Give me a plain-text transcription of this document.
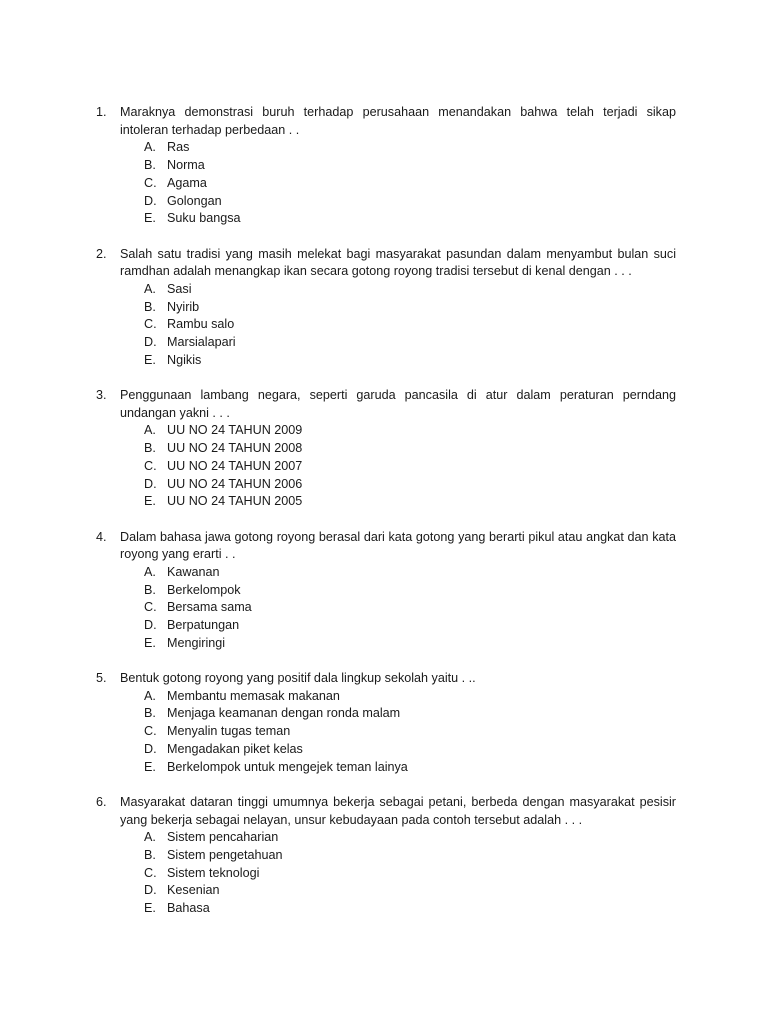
1.	Maraknya demonstrasi buruh terhadap perusahaan menandakan bahwa telah terjadi sikap intoleran terhadap perbedaan . .
A. Ras
B. Norma
C. Agama
D. Golongan
E. Suku bangsa
2.	Salah satu tradisi yang masih melekat bagi masyarakat pasundan dalam menyambut bulan suci ramdhan adalah menangkap ikan secara gotong royong tradisi tersebut di kenal dengan . . .
A. Sasi
B. Nyirib
C. Rambu salo
D. Marsialapari
E. Ngikis
3.	Penggunaan lambang negara, seperti garuda pancasila di atur dalam peraturan perndang undangan yakni . . .
A. UU NO 24 TAHUN 2009
B. UU NO 24 TAHUN 2008
C. UU NO 24 TAHUN 2007
D. UU NO 24 TAHUN 2006
E. UU NO 24 TAHUN 2005
4.	Dalam bahasa jawa gotong royong berasal dari kata gotong yang berarti pikul atau angkat dan kata royong yang erarti . .
A. Kawanan
B. Berkelompok
C. Bersama sama
D. Berpatungan
E. Mengiringi
5.	Bentuk gotong royong yang positif dala lingkup sekolah yaitu . ..
A. Membantu memasak makanan
B. Menjaga keamanan dengan ronda malam
C. Menyalin tugas teman
D. Mengadakan piket kelas
E. Berkelompok untuk mengejek teman lainya
6.	Masyarakat dataran tinggi umumnya bekerja sebagai petani, berbeda dengan masyarakat pesisir yang bekerja sebagai nelayan, unsur kebudayaan pada contoh tersebut adalah . . .
A. Sistem pencaharian
B. Sistem pengetahuan
C. Sistem teknologi
D. Kesenian
E. Bahasa
